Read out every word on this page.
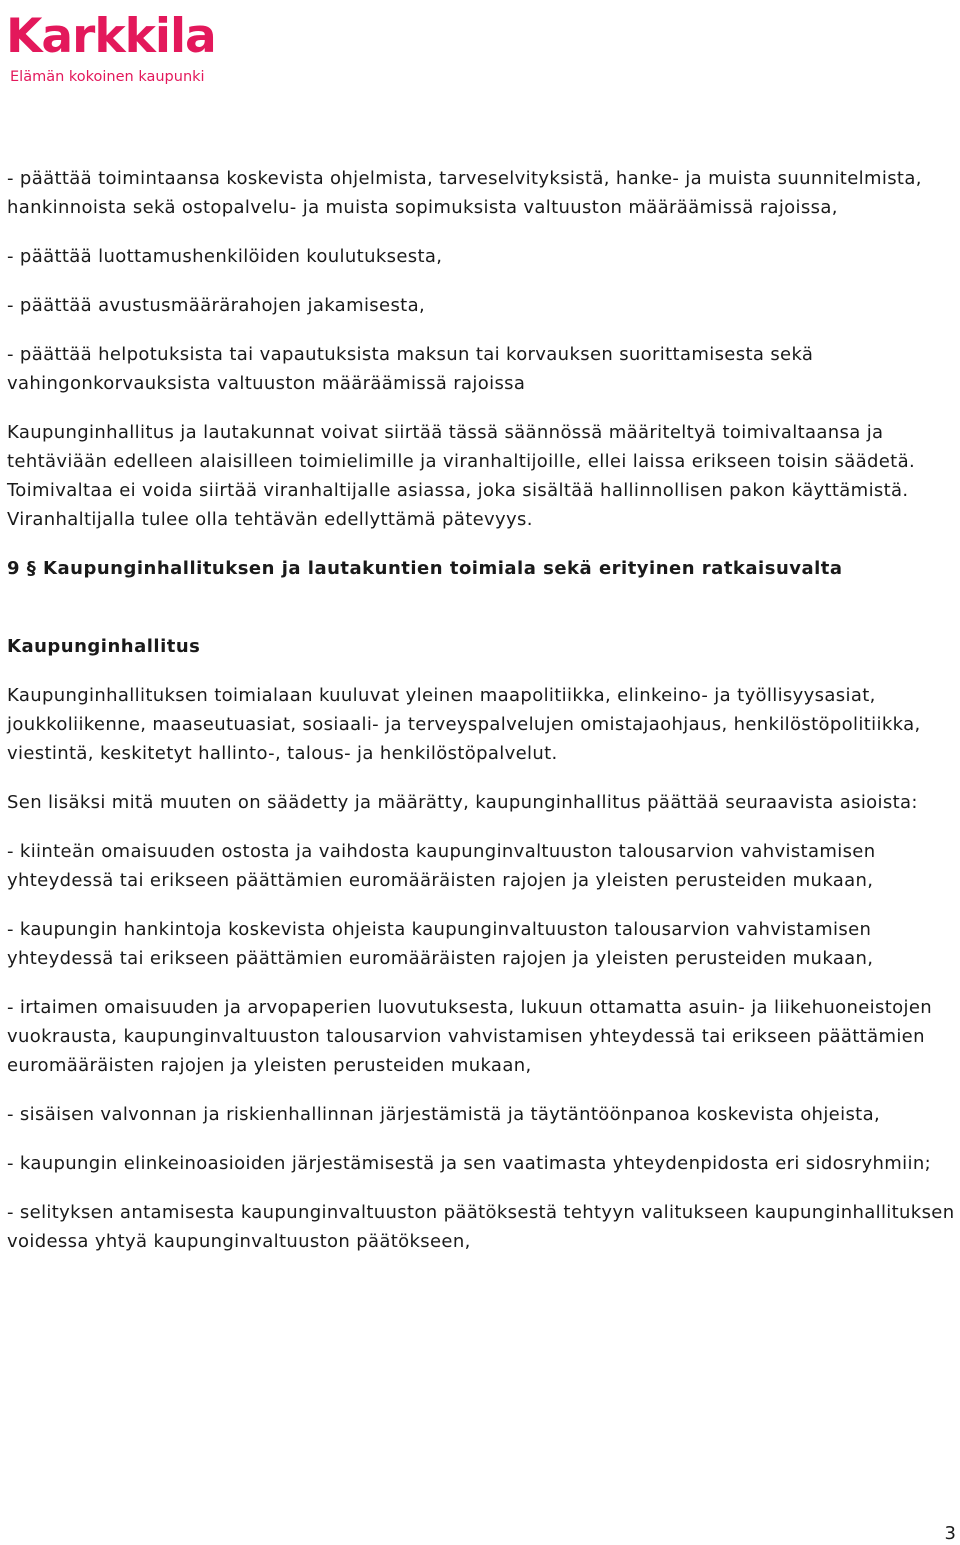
Karkkila
Elämän kokoinen kaupunki

- päättää toimintaansa koskevista ohjelmista, tarveselvityksistä, hanke- ja muista suunnitelmista, hankinnoista sekä ostopalvelu- ja muista sopimuksista valtuuston määräämissä rajoissa,

- päättää luottamushenkilöiden koulutuksesta,

- päättää avustusmäärärahojen jakamisesta,

- päättää helpotuksista tai vapautuksista maksun tai korvauksen suorittamisesta sekä vahingonkorvauksista valtuuston määräämissä rajoissa

Kaupunginhallitus ja lautakunnat voivat siirtää tässä säännössä määriteltyä toimivaltaansa ja tehtäviään edelleen alaisilleen toimielimille ja viranhaltijoille, ellei laissa erikseen toisin säädetä. Toimivaltaa ei voida siirtää viranhaltijalle asiassa, joka sisältää hallinnollisen pakon käyttämistä. Viranhaltijalla tulee olla tehtävän edellyttämä pätevyys.

9 § Kaupunginhallituksen ja lautakuntien toimiala sekä erityinen ratkaisuvalta

Kaupunginhallitus

Kaupunginhallituksen toimialaan kuuluvat yleinen maapolitiikka, elinkeino- ja työllisyysasiat, joukkoliikenne, maaseutuasiat, sosiaali- ja terveyspalvelujen omistajaohjaus, henkilöstöpolitiikka, viestintä, keskitetyt hallinto-, talous- ja henkilöstöpalvelut.

Sen lisäksi mitä muuten on säädetty ja määrätty, kaupunginhallitus päättää seuraavista asioista:

- kiinteän omaisuuden ostosta ja vaihdosta kaupunginvaltuuston talousarvion vahvistamisen yhteydessä tai erikseen päättämien euromääräisten rajojen ja yleisten perusteiden mukaan,

- kaupungin hankintoja koskevista ohjeista kaupunginvaltuuston talousarvion vahvistamisen yhteydessä tai erikseen päättämien euromääräisten rajojen ja yleisten perusteiden mukaan,

- irtaimen omaisuuden ja arvopaperien luovutuksesta, lukuun ottamatta asuin- ja liikehuoneistojen vuokrausta, kaupunginvaltuuston talousarvion vahvistamisen yhteydessä tai erikseen päättämien euromääräisten rajojen ja yleisten perusteiden mukaan,

- sisäisen valvonnan ja riskienhallinnan järjestämistä ja täytäntöönpanoa koskevista ohjeista,

- kaupungin elinkeinoasioiden järjestämisestä ja sen vaatimasta yhteydenpidosta eri sidosryhmiin;

- selityksen antamisesta kaupunginvaltuuston päätöksestä tehtyyn valitukseen kaupunginhallituksen voidessa yhtyä kaupunginvaltuuston päätökseen,

3
